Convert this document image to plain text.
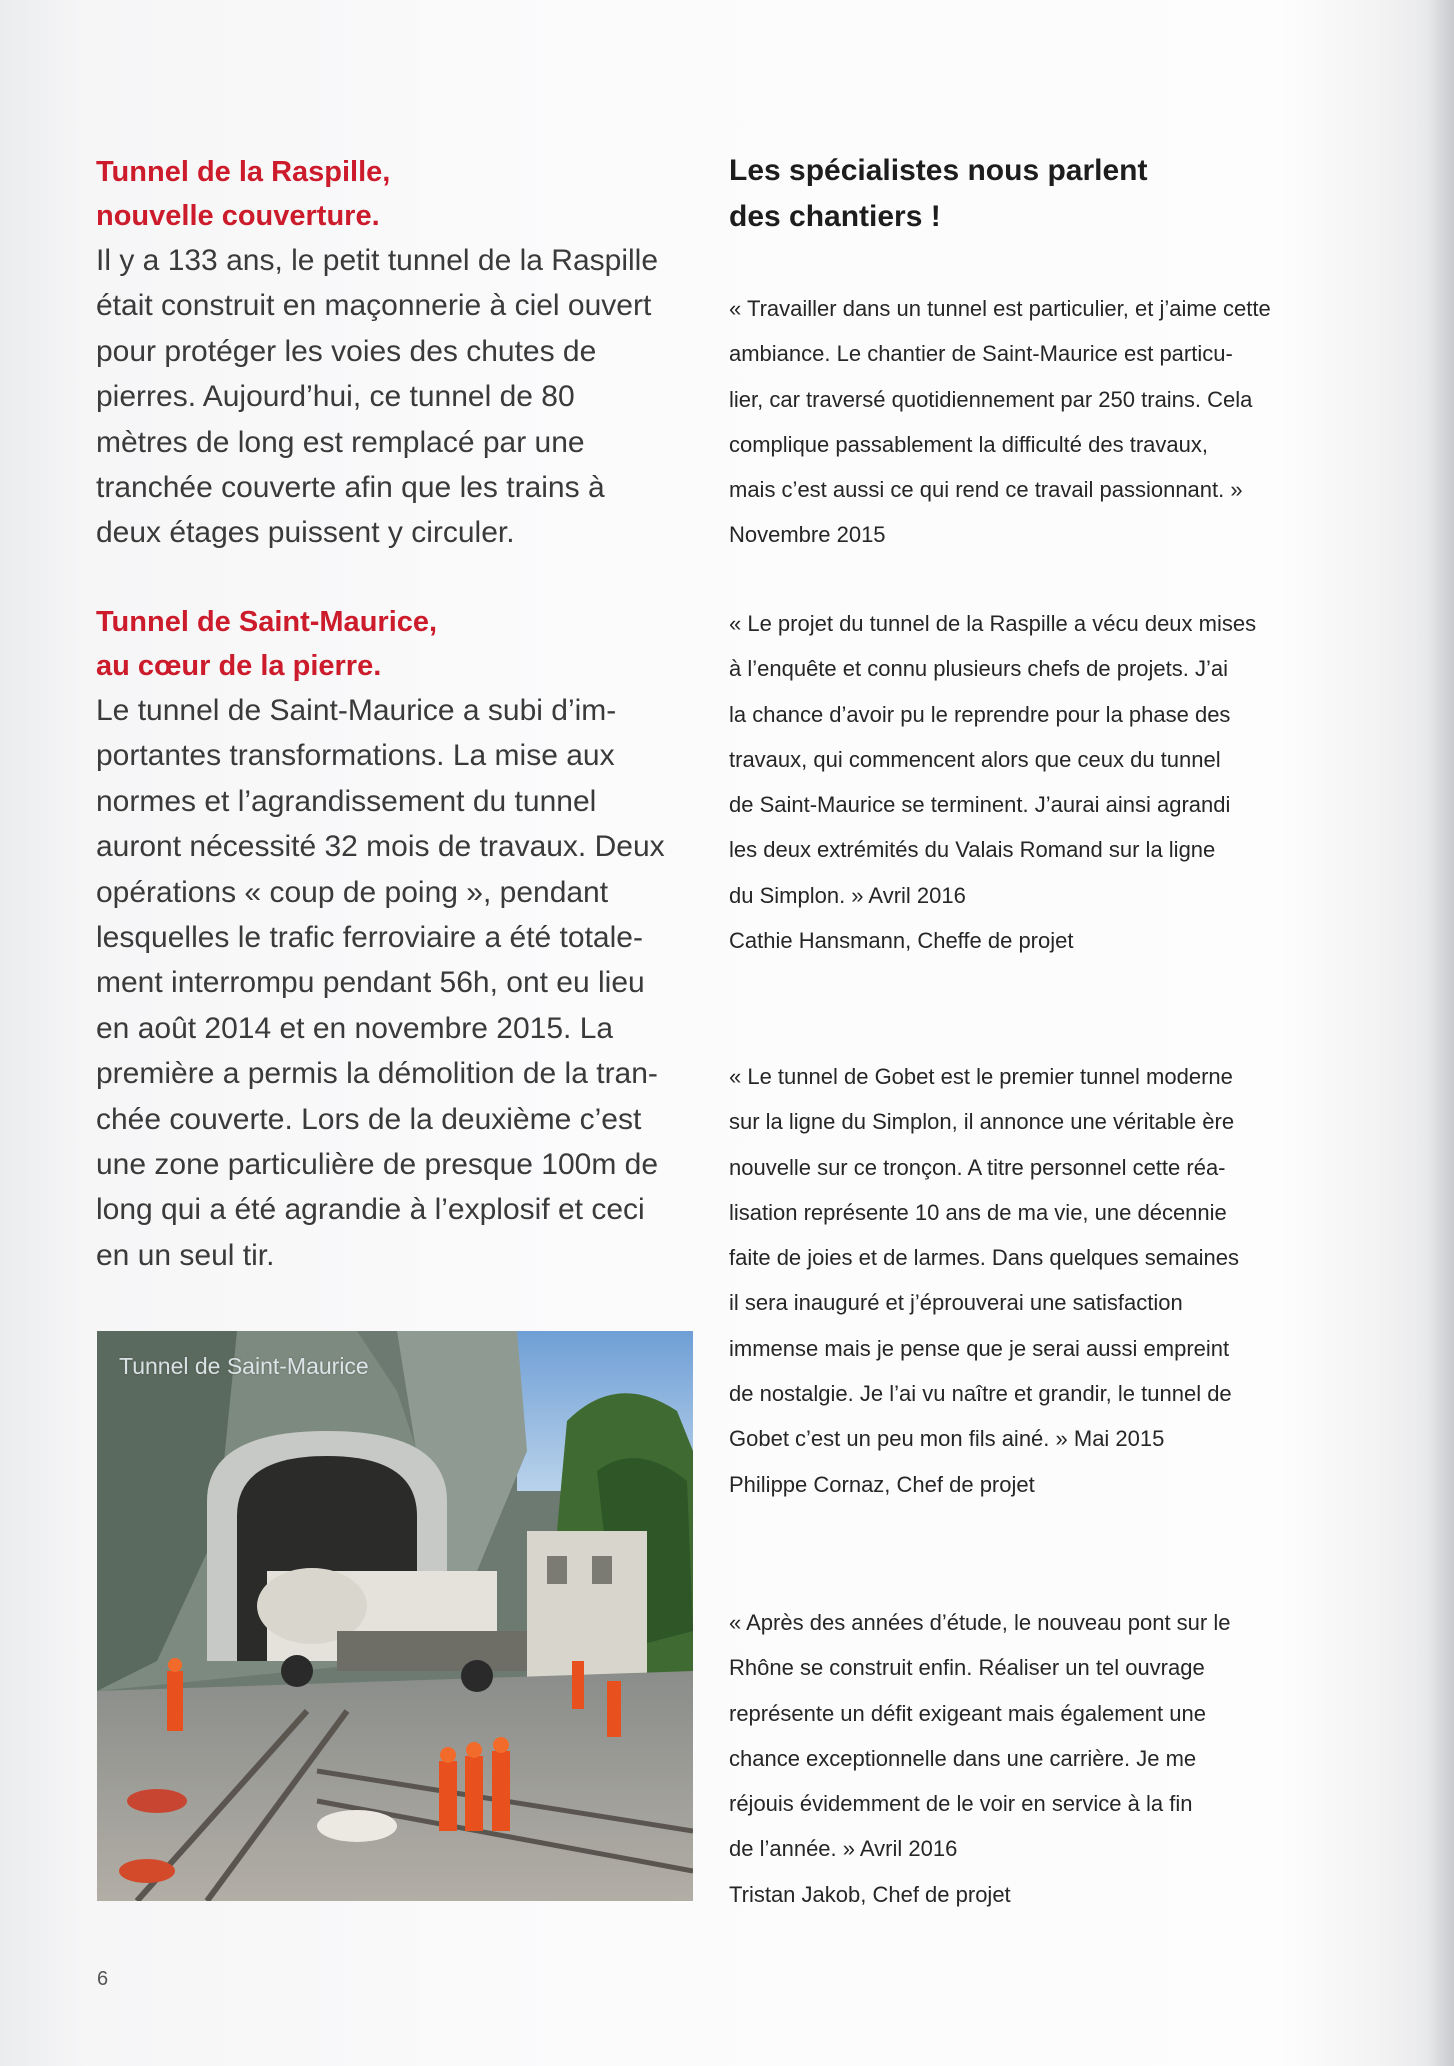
Tunnel de la Raspille,
nouvelle couverture.
Il y a 133 ans, le petit tunnel de la Raspille
était construit en maçonnerie à ciel ouvert
pour protéger les voies des chutes de
pierres. Aujourd’hui, ce tunnel de 80
mètres de long est remplacé par une
tranchée couverte afin que les trains à
deux étages puissent y circuler.
Tunnel de Saint-Maurice,
au cœur de la pierre.
Le tunnel de Saint-Maurice a subi d’im-
portantes transformations. La mise aux
normes et l’agrandissement du tunnel
auront nécessité 32 mois de travaux. Deux
opérations « coup de poing », pendant
lesquelles le trafic ferroviaire a été totale-
ment interrompu pendant 56h, ont eu lieu
en août 2014 et en novembre 2015. La
première a permis la démolition de la tran-
chée couverte. Lors de la deuxième c’est
une zone particulière de presque 100m de
long qui a été agrandie à l’explosif et ceci
en un seul tir.
Tunnel de Saint-Maurice
Les spécialistes nous parlent
des chantiers !
« Travailler dans un tunnel est particulier, et j’aime cette
ambiance. Le chantier de Saint-Maurice est particu-
lier, car traversé quotidiennement par 250 trains. Cela
complique passablement la difficulté des travaux,
mais c’est aussi ce qui rend ce travail passionnant. »
Novembre 2015
« Le projet du tunnel de la Raspille a vécu deux mises
à l’enquête et connu plusieurs chefs de projets. J’ai
la chance d’avoir pu le reprendre pour la phase des
travaux, qui commencent alors que ceux du tunnel
de Saint-Maurice se terminent. J’aurai ainsi agrandi
les deux extrémités du Valais Romand sur la ligne
du Simplon. » Avril 2016
Cathie Hansmann, Cheffe de projet
« Le tunnel de Gobet est le premier tunnel moderne
sur la ligne du Simplon, il annonce une véritable ère
nouvelle sur ce tronçon. A titre personnel cette réa-
lisation représente 10 ans de ma vie, une décennie
faite de joies et de larmes. Dans quelques semaines
il sera inauguré et j’éprouverai une satisfaction
immense mais je pense que je serai aussi empreint
de nostalgie. Je l’ai vu naître et grandir, le tunnel de
Gobet c’est un peu mon fils ainé. » Mai 2015
Philippe Cornaz, Chef de projet
« Après des années d’étude, le nouveau pont sur le
Rhône se construit enfin. Réaliser un tel ouvrage
représente un défit exigeant mais également une
chance exceptionnelle dans une carrière. Je me
réjouis évidemment de le voir en service à la fin
de l’année. » Avril 2016
Tristan Jakob, Chef de projet
6
